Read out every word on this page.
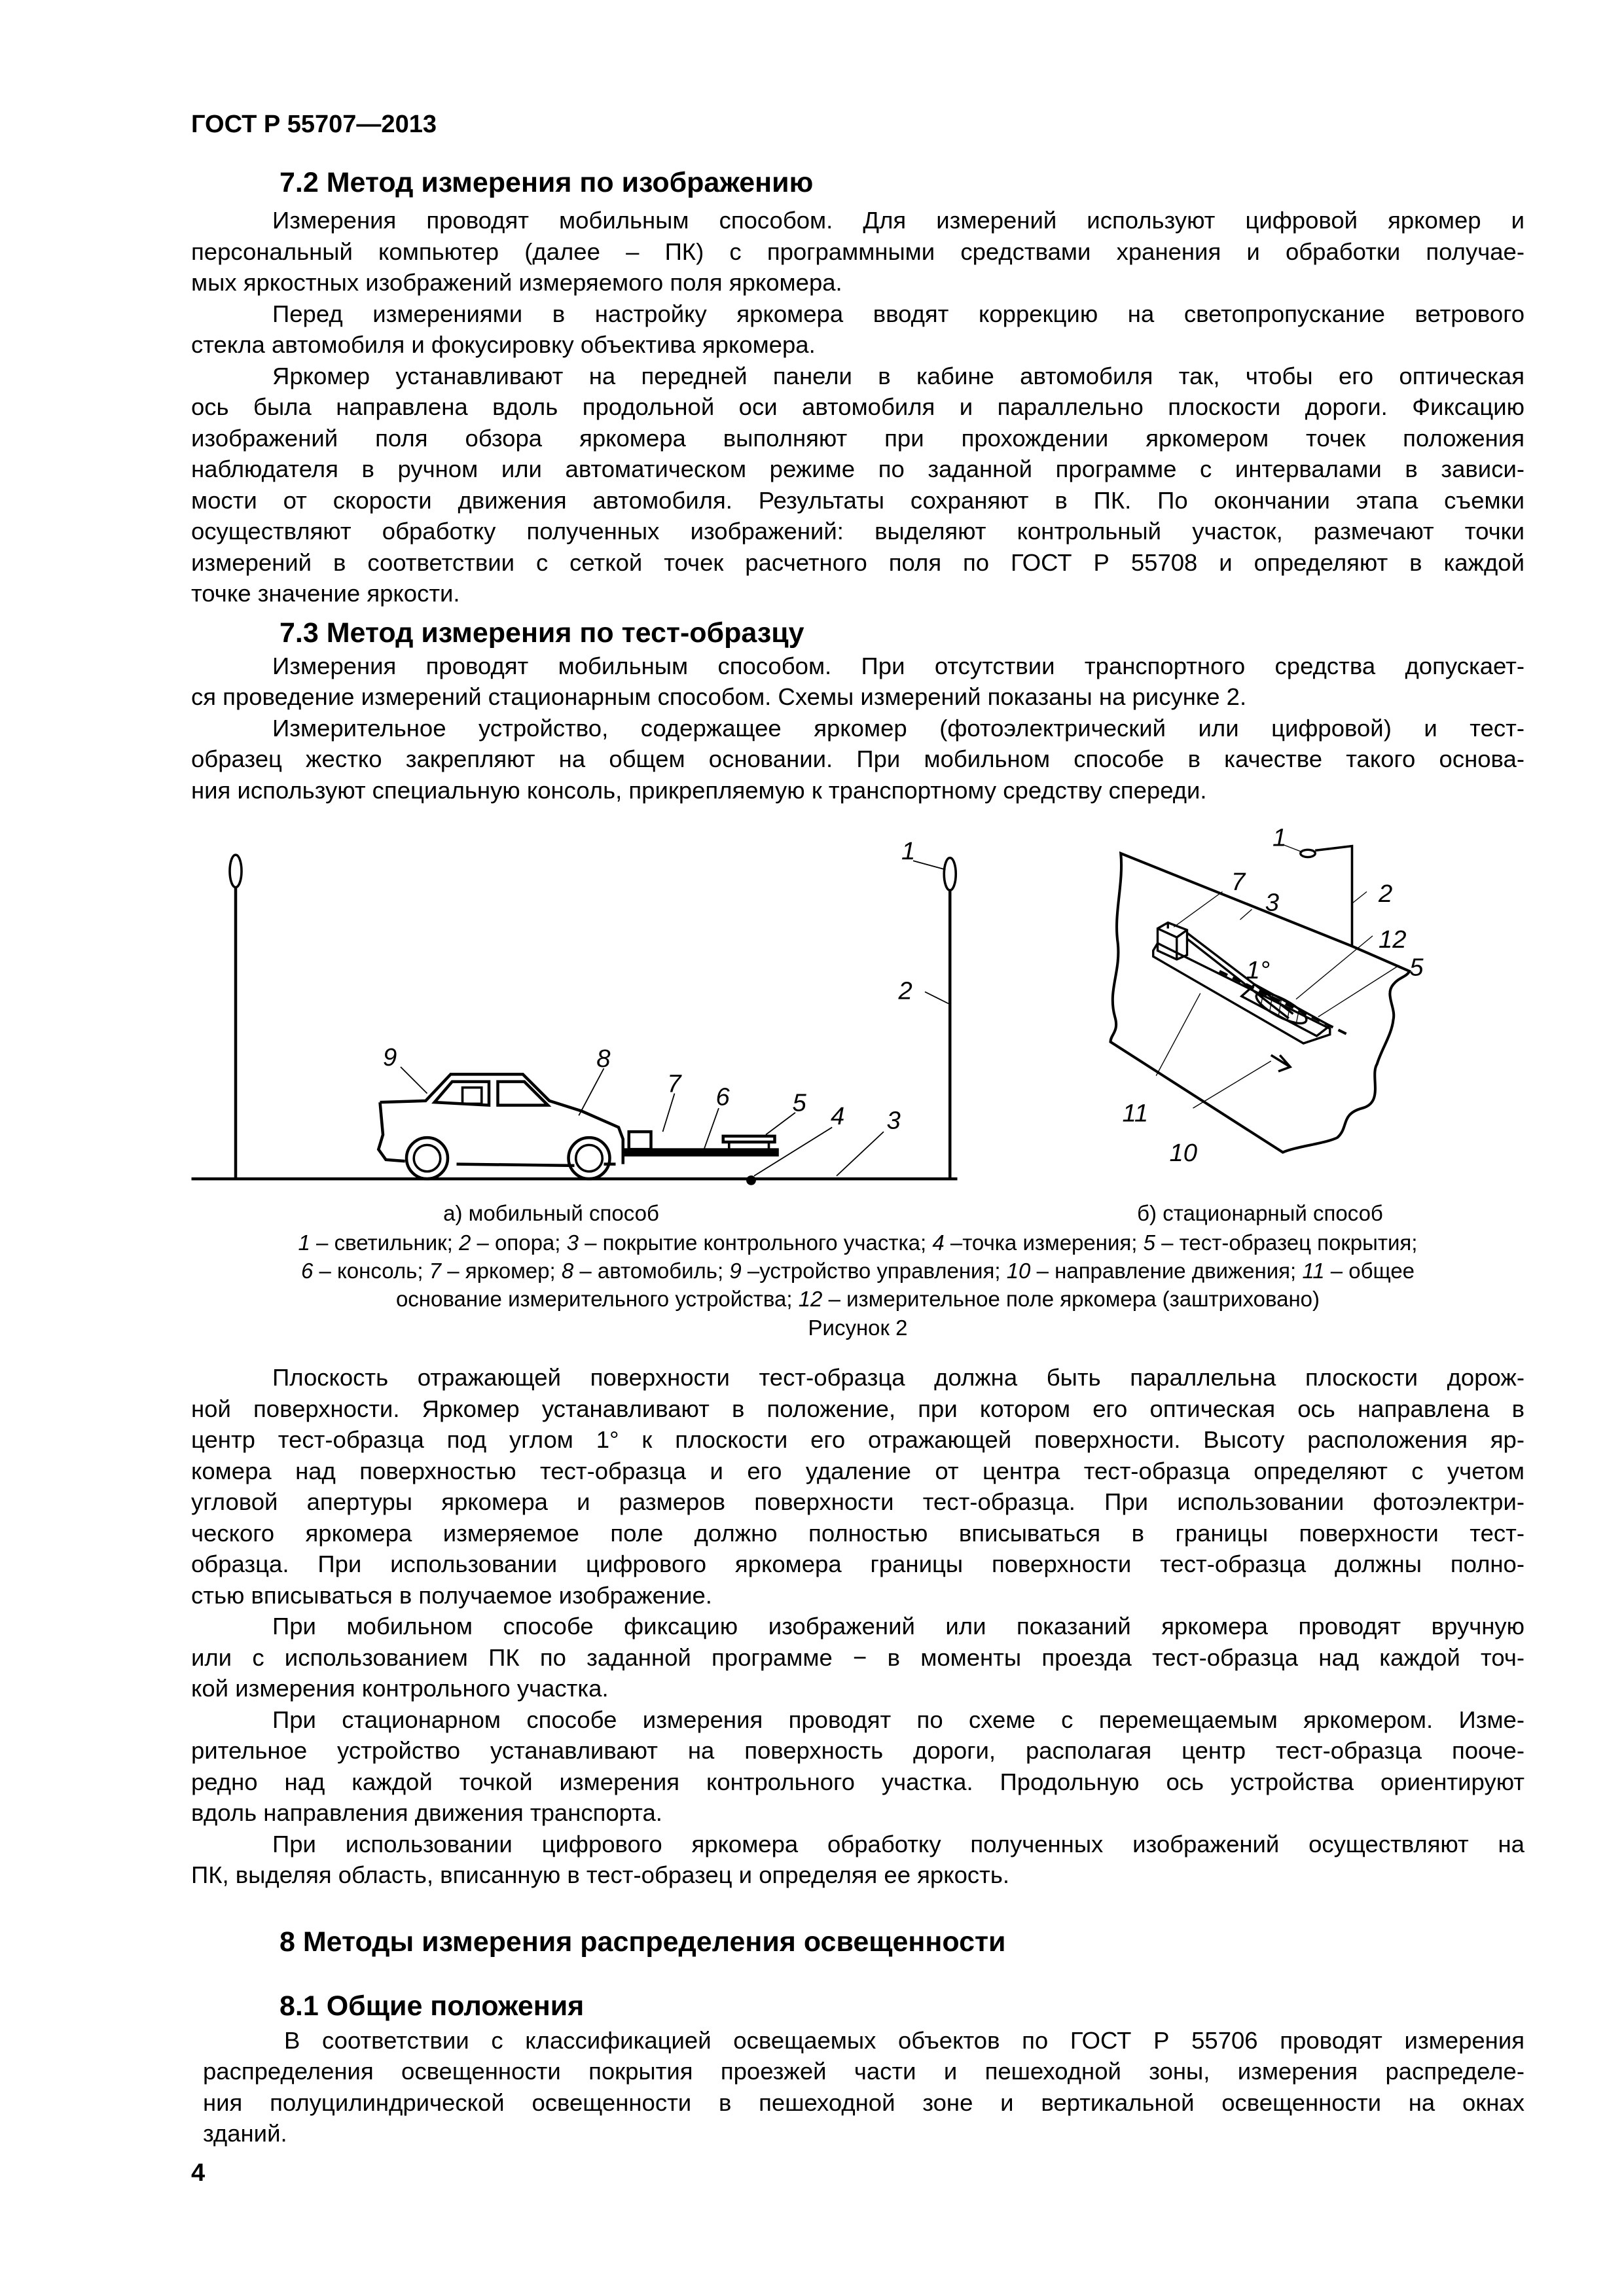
ГОСТ Р 55707—2013
7.2 Метод измерения по изображению
Измерения проводят мобильным способом. Для измерений используют цифровой яркомер и
персональный компьютер (далее – ПК) с программными средствами хранения и обработки получае-
мых яркостных изображений измеряемого поля яркомера.
Перед измерениями в настройку яркомера вводят коррекцию на светопропускание ветрового
стекла автомобиля и фокусировку объектива яркомера.
Яркомер устанавливают на передней панели в кабине автомобиля так, чтобы его оптическая
ось была направлена вдоль продольной оси автомобиля и параллельно плоскости дороги. Фиксацию
изображений поля обзора яркомера выполняют при прохождении яркомером точек положения
наблюдателя в ручном или автоматическом режиме по заданной программе с интервалами в зависи-
мости от скорости движения автомобиля. Результаты сохраняют в ПК. По окончании этапа съемки
осуществляют обработку полученных изображений: выделяют контрольный участок, размечают точки
измерений в соответствии с сеткой точек расчетного поля по ГОСТ Р 55708 и определяют в каждой
точке значение яркости.
7.3 Метод измерения по тест-образцу
Измерения проводят мобильным способом. При отсутствии транспортного средства допускает-
ся проведение измерений стационарным способом. Схемы измерений показаны на рисунке 2.
Измерительное устройство, содержащее яркомер (фотоэлектрический или цифровой) и тест-
образец жестко закрепляют на общем основании. При мобильном способе в качестве такого основа-
ния используют специальную консоль, прикрепляемую к транспортному средству спереди.
1
2
3
4
5
6
7
8
9
1
2
3
5
7
10
11
12
1°
а) мобильный способ	б) стационарный способ
1 – светильник; 2 – опора; 3 – покрытие контрольного участка; 4 –точка измерения; 5 – тест-образец покрытия;
6 – консоль; 7 – яркомер; 8 – автомобиль; 9 –устройство управления; 10 – направление движения; 11 – общее
основание измерительного устройства; 12 – измерительное поле яркомера (заштриховано)
Рисунок 2
Плоскость отражающей поверхности тест-образца должна быть параллельна плоскости дорож-
ной поверхности. Яркомер устанавливают в положение, при котором его оптическая ось направлена в
центр тест-образца под углом 1° к плоскости его отражающей поверхности. Высоту расположения яр-
комера над поверхностью тест-образца и его удаление от центра тест-образца определяют с учетом
угловой апертуры яркомера и размеров поверхности тест-образца. При использовании фотоэлектри-
ческого яркомера измеряемое поле должно полностью вписываться в границы поверхности тест-
образца. При использовании цифрового яркомера границы поверхности тест-образца должны полно-
стью вписываться в получаемое изображение.
При мобильном способе фиксацию изображений или показаний яркомера проводят вручную
или с использованием ПК по заданной программе − в моменты проезда тест-образца над каждой точ-
кой измерения контрольного участка.
При стационарном способе измерения проводят по схеме с перемещаемым яркомером. Изме-
рительное устройство устанавливают на поверхность дороги, располагая центр тест-образца пооче-
редно над каждой точкой измерения контрольного участка. Продольную ось устройства ориентируют
вдоль направления движения транспорта.
При использовании цифрового яркомера обработку полученных изображений осуществляют на
ПК, выделяя область, вписанную в тест-образец и определяя ее яркость.
8 Методы измерения распределения освещенности
8.1 Общие положения
В соответствии с классификацией освещаемых объектов по ГОСТ Р 55706 проводят измерения
распределения освещенности покрытия проезжей части и пешеходной зоны, измерения распределе-
ния полуцилиндрической освещенности в пешеходной зоне и вертикальной освещенности на окнах
зданий.
4
